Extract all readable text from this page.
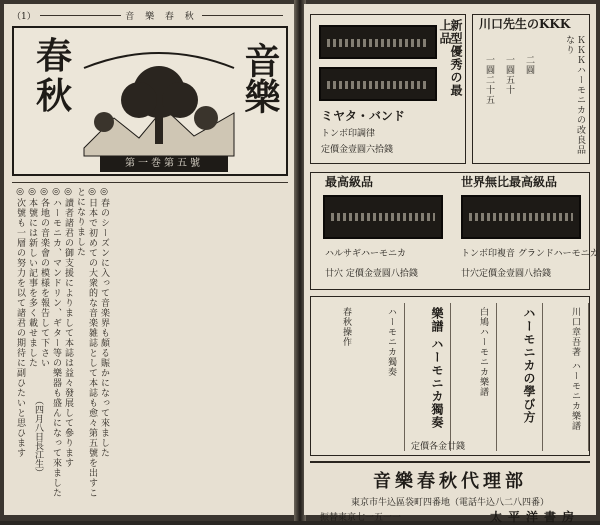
（1）	音 樂 春 秋
春秋	音樂
第一巻第五號

◎春のシーズンに入って音楽界も頗る賑かになって來ました

◎日本で初めての大衆的な音楽雑誌として本誌も愈々第五號を出すことになりました

◎讀者諸君の御支援によりまして本誌は益々發展して參ります

◎ハーモニカ、マンドリン、ギター等の樂器も盛んになって來ました

◎各地の音楽會の模様を報告して下さい

◎本號には新しい記事を多く載せました

◎次號も一層の努力を以て諸君の期待に副ひたいと思ひます （四月八日長江生）
新型優秀の最上品
ミヤタ・バンド
トンボ印調律
定價金壹圓六拾錢
川口先生のKKK
ＫＫＫハーモニカの改良品なり
一圓二十五 一圓五十 二圓
最高級品	世界無比最高級品
ハルサギハーモニカ
廿穴 定價金壹圓八拾錢
トンボ印複音 グランドハーモニカ
廿穴定價金壹圓八拾錢
川口章吾著 ハーモニカ樂譜
ハーモニカの學び方
白鳩ハーモニカ樂譜
樂譜 ハーモニカ獨奏
ハーモニカ獨奏
春秋操作
定價各金廿錢
音樂春秋代理部
東京市牛込區袋町四番地（電話牛込八二八四番）
振替東京七一五一一	太平洋書房
